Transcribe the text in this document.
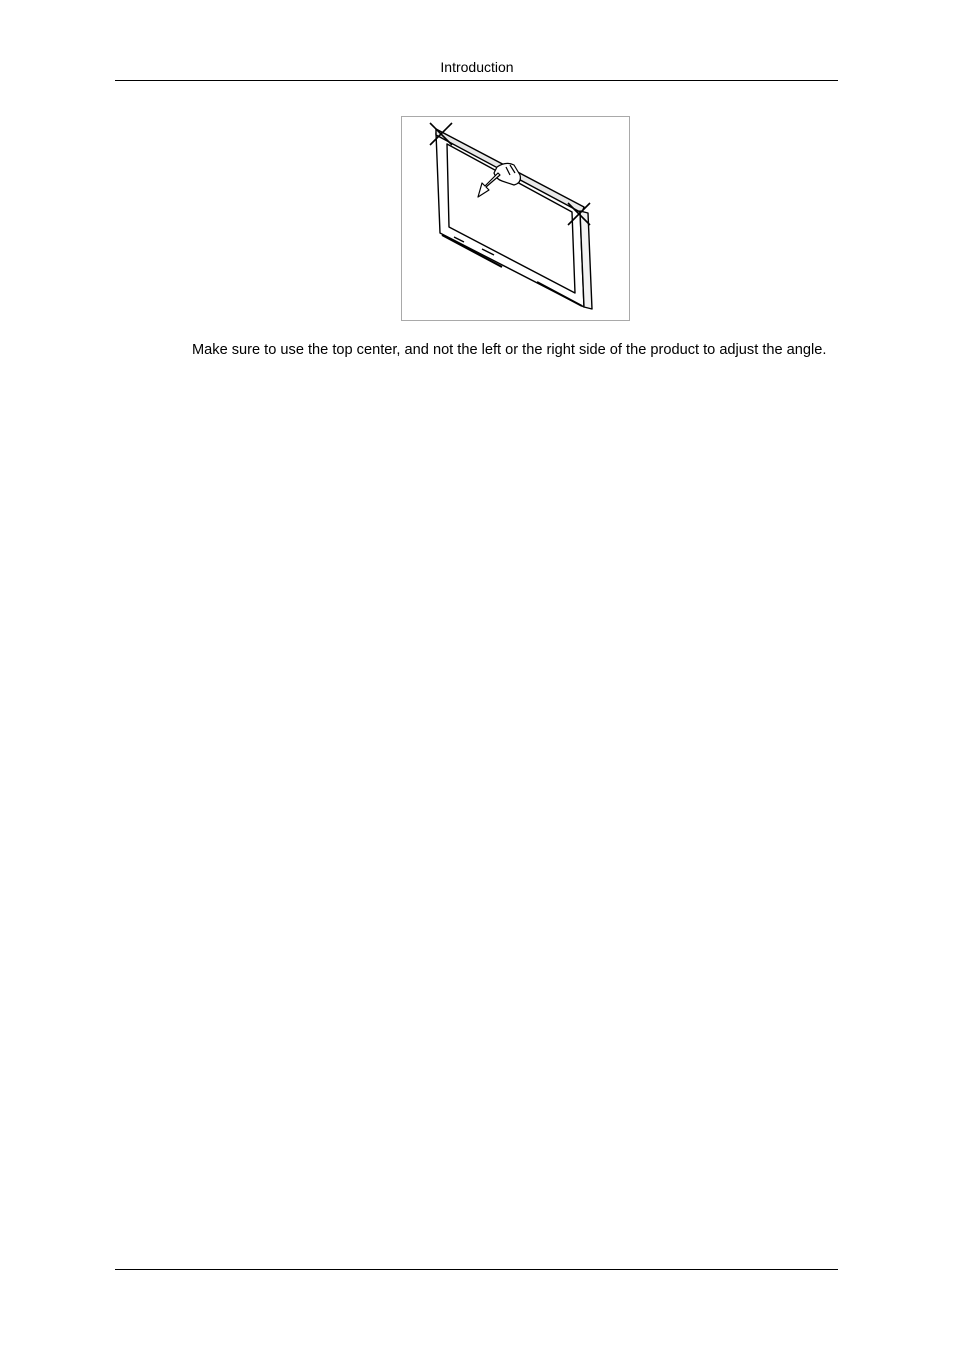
Introduction
Make sure to use the top center, and not the left or the right side of the product to adjust the angle.
